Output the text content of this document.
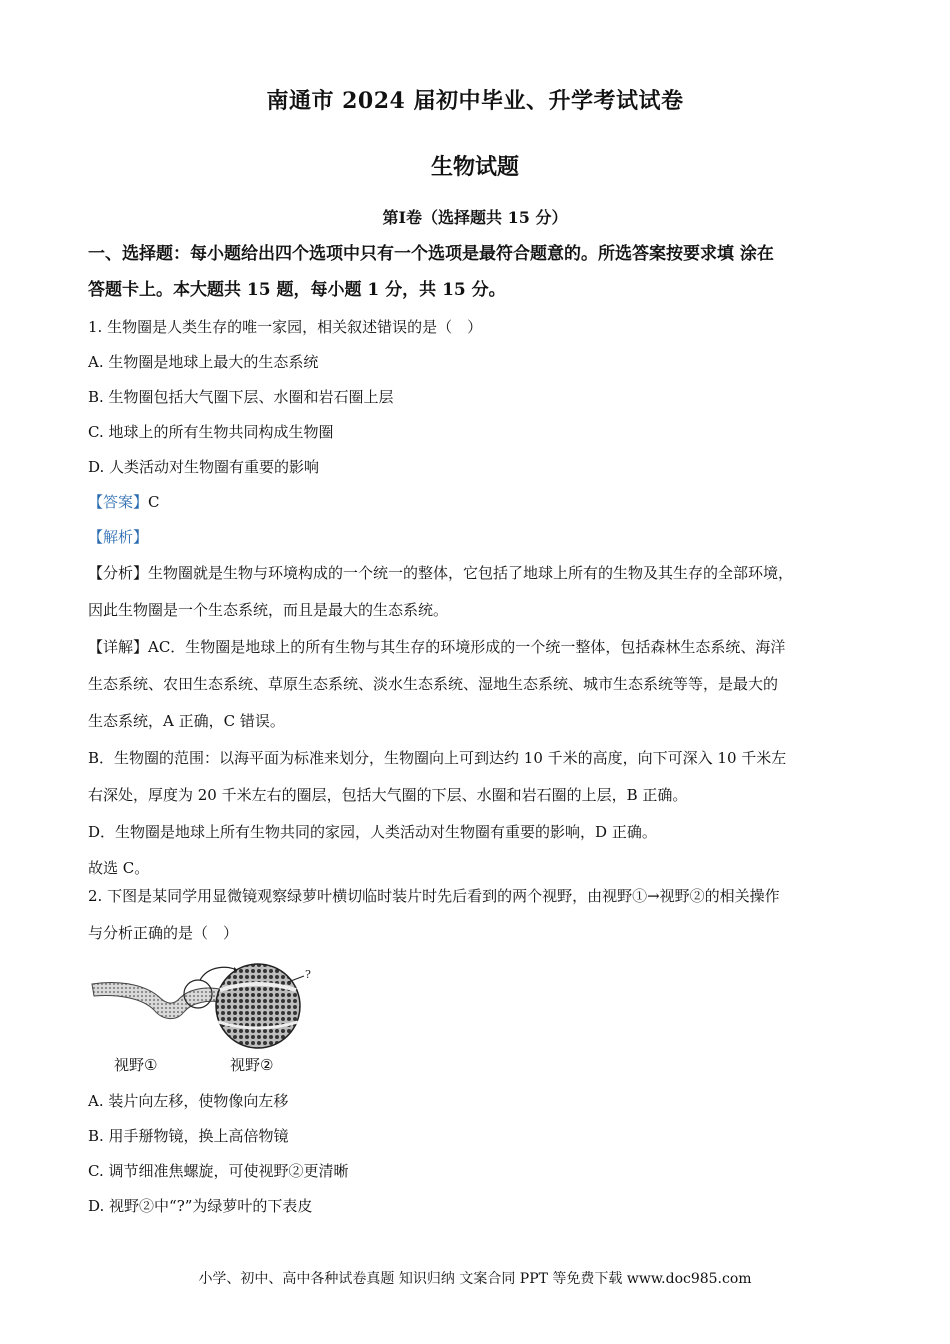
南通市 2024 届初中毕业、升学考试试卷
生物试题
第Ⅰ卷（选择题共 15 分）
一、选择题：每小题给出四个选项中只有一个选项是最符合题意的。所选答案按要求填 涂在
答题卡上。本大题共 15 题，每小题 1 分，共 15 分。
1. 生物圈是人类生存的唯一家园，相关叙述错误的是（　）
A. 生物圈是地球上最大的生态系统
B. 生物圈包括大气圈下层、水圈和岩石圈上层
C. 地球上的所有生物共同构成生物圈
D. 人类活动对生物圈有重要的影响
【答案】C
【解析】
【分析】生物圈就是生物与环境构成的一个统一的整体，它包括了地球上所有的生物及其生存的全部环境，
因此生物圈是一个生态系统，而且是最大的生态系统。
【详解】AC．生物圈是地球上的所有生物与其生存的环境形成的一个统一整体，包括森林生态系统、海洋
生态系统、农田生态系统、草原生态系统、淡水生态系统、湿地生态系统、城市生态系统等等，是最大的
生态系统，A 正确，C 错误。
B．生物圈的范围：以海平面为标准来划分，生物圈向上可到达约 10 千米的高度，向下可深入 10 千米左
右深处，厚度为 20 千米左右的圈层，包括大气圈的下层、水圈和岩石圈的上层，B 正确。
D．生物圈是地球上所有生物共同的家园，人类活动对生物圈有重要的影响，D 正确。
故选 C。
2. 下图是某同学用显微镜观察绿萝叶横切临时装片时先后看到的两个视野，由视野①→视野②的相关操作
与分析正确的是（　）
?
视野①	视野②
A. 装片向左移，使物像向左移
B. 用手掰物镜，换上高倍物镜
C. 调节细准焦螺旋，可使视野②更清晰
D. 视野②中“?”为绿萝叶的下表皮
小学、初中、高中各种试卷真题 知识归纳 文案合同 PPT 等免费下载 www.doc985.com
